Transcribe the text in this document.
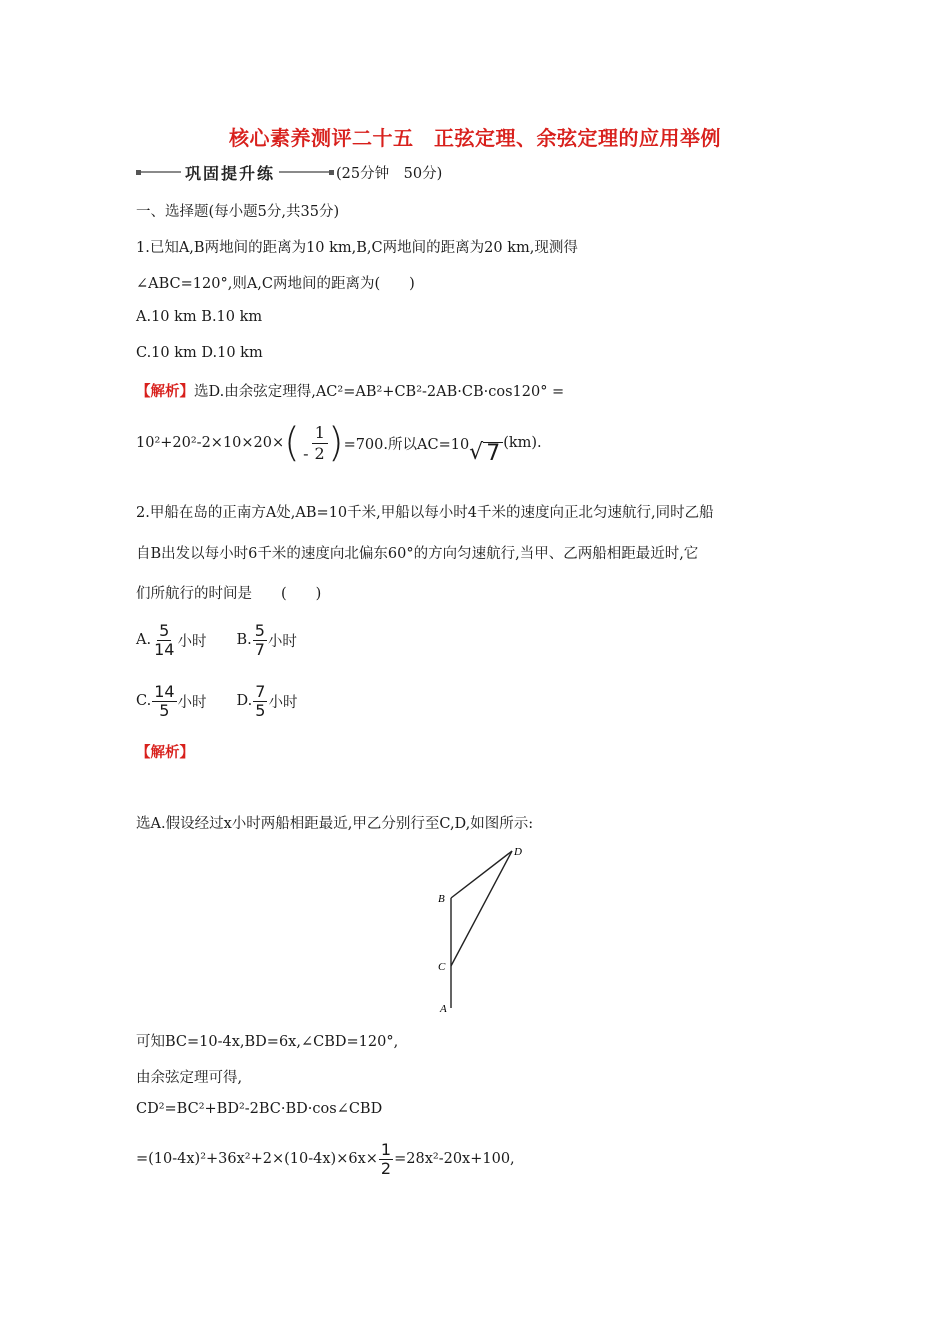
核心素养测评二十五　正弦定理、余弦定理的应用举例
巩固提升练	(25分钟　50分)
一、选择题(每小题5分,共35分)
1.已知A,B两地间的距离为10 km,B,C两地间的距离为20 km,现测得
∠ABC=120°,则A,C两地间的距离为(　　)
A.10 km B.10 km
C.10 km D.10 km
【解析】选D.由余弦定理得,AC²=AB²+CB²-2AB·CB·cos120° =
10²+20²-2×10×20× ( $\frac{1}{- 2}$ ) =700.所以AC=10 √ 7 (km).
2.甲船在岛的正南方A处,AB=10千米,甲船以每小时4千米的速度向正北匀速航行,同时乙船
自B出发以每小时6千米的速度向北偏东60°的方向匀速航行,当甲、乙两船相距最近时,它
们所航行的时间是　　(　　)
A. $\frac{5}{14}$ 小时 B. $\frac{5}{7}$ 小时
C. $\frac{14}{5}$ 小时 D. $\frac{7}{5}$ 小时
【解析】
选A.假设经过x小时两船相距最近,甲乙分别行至C,D,如图所示:
D
B
C
A
可知BC=10-4x,BD=6x,∠CBD=120°,
由余弦定理可得,
CD²=BC²+BD²-2BC·BD·cos∠CBD
$=(10-4x)^2+36x^2+2\times(10-4x)\times 6x\times \frac{1}{2} =28x^2-20x+100$,
